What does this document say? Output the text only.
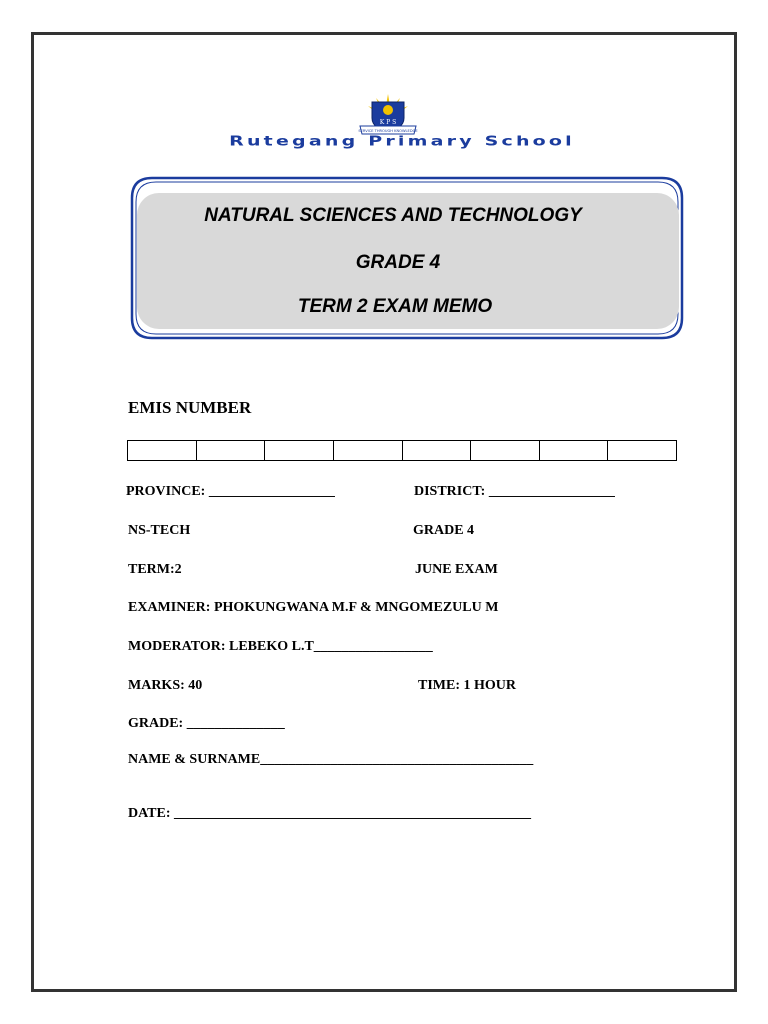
K P S
SERVICE THROUGH KNOWLEDGE
Rutegang Primary School
NATURAL SCIENCES AND TECHNOLOGY
GRADE 4
TERM 2 EXAM MEMO
EMIS NUMBER
PROVINCE: __________________	DISTRICT: __________________
NS-TECH	GRADE 4
TERM:2	JUNE EXAM
EXAMINER: PHOKUNGWANA M.F & MNGOMEZULU M
MODERATOR: LEBEKO L.T_________________
MARKS: 40	TIME: 1 HOUR
GRADE: ______________
NAME & SURNAME_______________________________________
DATE: ___________________________________________________
